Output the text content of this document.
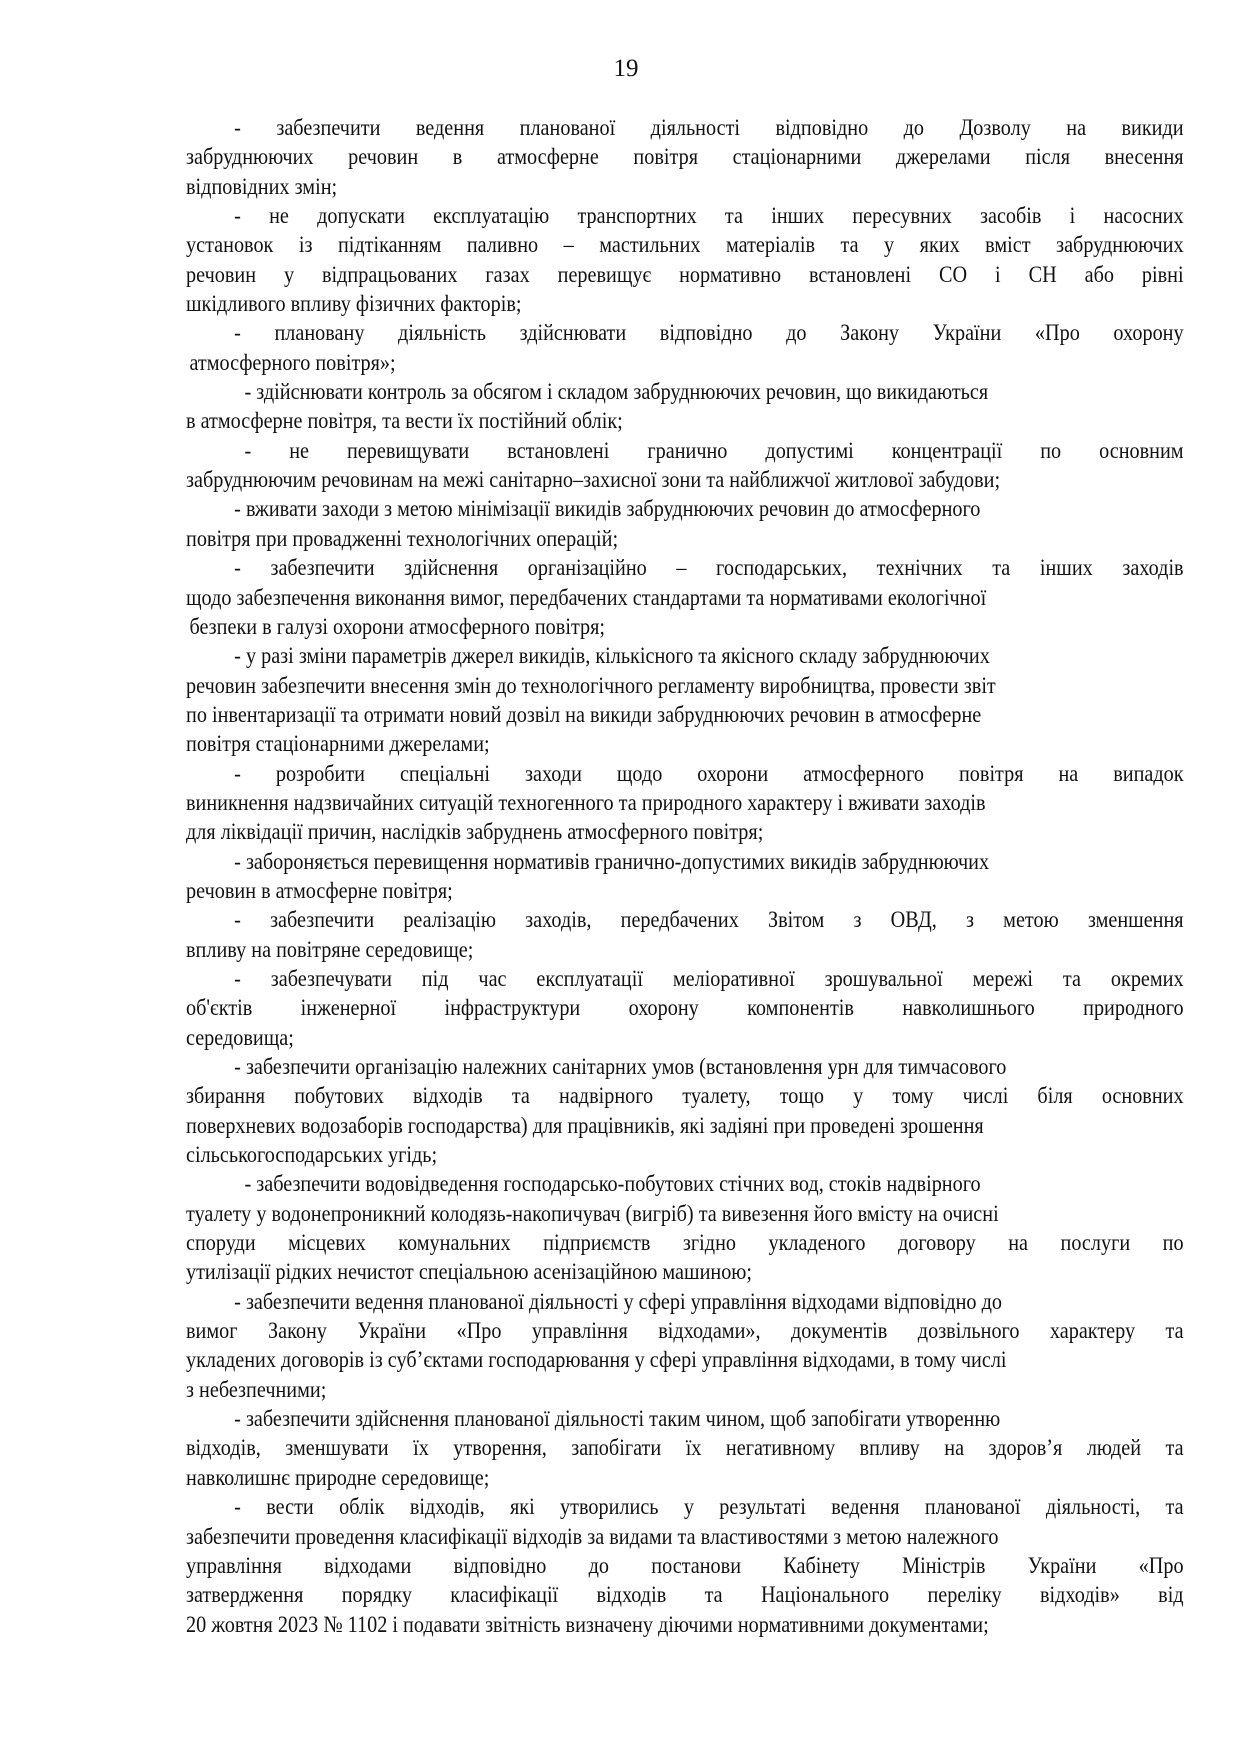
19
- забезпечити ведення планованої діяльності відповідно до Дозволу на викиди
забруднюючих речовин в атмосферне повітря стаціонарними джерелами після внесення
відповідних змін;
- не допускати експлуатацію транспортних та інших пересувних засобів і насосних
установок із підтіканням паливно – мастильних матеріалів та у яких вміст забруднюючих
речовин у відпрацьованих газах перевищує нормативно встановлені СО і СН або рівні
шкідливого впливу фізичних факторів;
- плановану діяльність здійснювати відповідно до Закону України «Про охорону
атмосферного повітря»;
- здійснювати контроль за обсягом і складом забруднюючих речовин, що викидаються
в атмосферне повітря, та вести їх постійний облік;
- не перевищувати встановлені гранично допустимі концентрації по основним
забруднюючим речовинам на межі санітарно–захисної зони та найближчої житлової забудови;
- вживати заходи з метою мінімізації викидів забруднюючих речовин до атмосферного
повітря при провадженні технологічних операцій;
- забезпечити здійснення організаційно – господарських, технічних та інших заходів
щодо забезпечення виконання вимог, передбачених стандартами та нормативами екологічної
безпеки в галузі охорони атмосферного повітря;
- у разі зміни параметрів джерел викидів, кількісного та якісного складу забруднюючих
речовин забезпечити внесення змін до технологічного регламенту виробництва, провести звіт
по інвентаризації та отримати новий дозвіл на викиди забруднюючих речовин в атмосферне
повітря стаціонарними джерелами;
- розробити спеціальні заходи щодо охорони атмосферного повітря на випадок
виникнення надзвичайних ситуацій техногенного та природного характеру і вживати заходів
для ліквідації причин, наслідків забруднень атмосферного повітря;
- забороняється перевищення нормативів гранично-допустимих викидів забруднюючих
речовин в атмосферне повітря;
- забезпечити реалізацію заходів, передбачених Звітом з ОВД, з метою зменшення
впливу на повітряне середовище;
- забезпечувати під час експлуатації меліоративної зрошувальної мережі та окремих
об'єктів інженерної інфраструктури охорону компонентів навколишнього природного
середовища;
- забезпечити організацію належних санітарних умов (встановлення урн для тимчасового
збирання побутових відходів та надвірного туалету, тощо у тому числі біля основних
поверхневих водозаборів господарства) для працівників, які задіяні при проведені зрошення
сільськогосподарських угідь;
- забезпечити водовідведення господарсько-побутових стічних вод, стоків надвірного
туалету у водонепроникний колодязь-накопичувач (вигріб) та вивезення його вмісту на очисні
споруди місцевих комунальних підприємств згідно укладеного договору на послуги по
утилізації рідких нечистот спеціальною асенізаційною машиною;
- забезпечити ведення планованої діяльності у сфері управління відходами відповідно до
вимог Закону України «Про управління відходами», документів дозвільного характеру та
укладених договорів із суб’єктами господарювання у сфері управління відходами, в тому числі
з небезпечними;
- забезпечити здійснення планованої діяльності таким чином, щоб запобігати утворенню
відходів, зменшувати їх утворення, запобігати їх негативному впливу на здоров’я людей та
навколишнє природне середовище;
- вести облік відходів, які утворились у результаті ведення планованої діяльності, та
забезпечити проведення класифікації відходів за видами та властивостями з метою належного
управління відходами відповідно до постанови Кабінету Міністрів України «Про
затвердження порядку класифікації відходів та Національного переліку відходів» від
20 жовтня 2023 № 1102 і подавати звітність визначену діючими нормативними документами;
